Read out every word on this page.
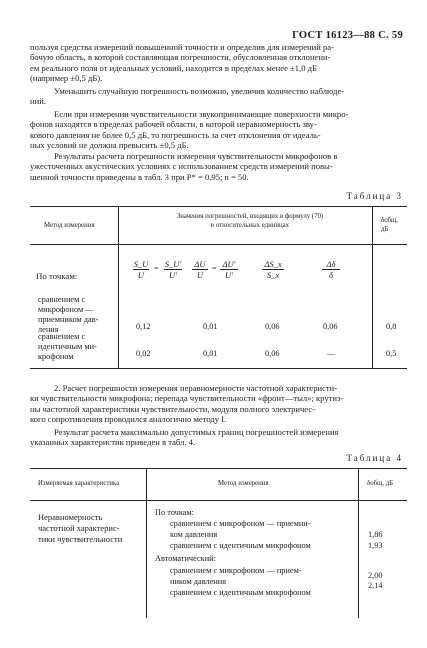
ГОСТ 16123—88 С. 59
пользуя средства измерений повышенной точности и определив для измерений ра-
бочую область, в которой составляющая погрешности, обусловленная отклонени-
ем реального поля от идеальных условий, находится в пределах менее ±1,0 дБ
(например ±0,5 дБ).
Уменьшить случайную погрешность возможно, увеличив количество наблюде-
ний.
Если при измерении чувствительности звукопринимающие поверхности микро-
фонов находятся в пределах рабочей области, в которой неравномерность зву-
кового давления не более 0,5 дБ, то погрешность за счет отклонения от идеаль-
ных условий не должна превысить ±0,5 дБ.
Результаты расчета погрешности измерения чувствительности микрофонов в
ужесточенных акустических условиях с использованием средств измерений повы-
шенной точности приведены в табл. 3 при P* = 0,95; n = 50.
Таблица 3
Метод измерения
Значения погрешностей, входящих в формулу (70)
в относительных единицах
δобщ,
дБ
$\frac{S\_U}{U} = \frac{S\_U'}{U'} \frac{\Delta U}{U} = \frac{\Delta U'}{U'}$	$\frac{\Delta S\_x}{S\_x}$	$\frac{\Delta\delta}{\delta}$
По точкам:
сравнением с
микрофоном —
приемником дав-
ления	0,12	0,01	0,06	0,06	0,8
сравнением с
идентичным ми-
крофоном	0,02	0,01	0,06	—	0,5
2. Расчет погрешности измерения неравномерности частотной характеристи-
ки чувствительности микрофона; перепада чувствительности «фронт—тыл»; крутиз-
ны частотной характеристики чувствительности, модуля полного электричес-
кого сопротивления проводился аналогично методу I.
Результат расчета максимально допустимых границ погрешностей измерения
указанных характеристик приведен в табл. 4.
Таблица 4
Измеряемая характеристика	Метод измерения	δобщ, дБ
Неравномерность
частотной характерис-
тики чувствительности
По точкам:
сравнением с микрофоном — приемни-
ком давления	1,86
сравнением с идентичным микрофоном	1,93
Автоматический:
сравнением с микрофоном — прием-
ником давления
2,00
сравнением с идентичным микрофоном
2,14
